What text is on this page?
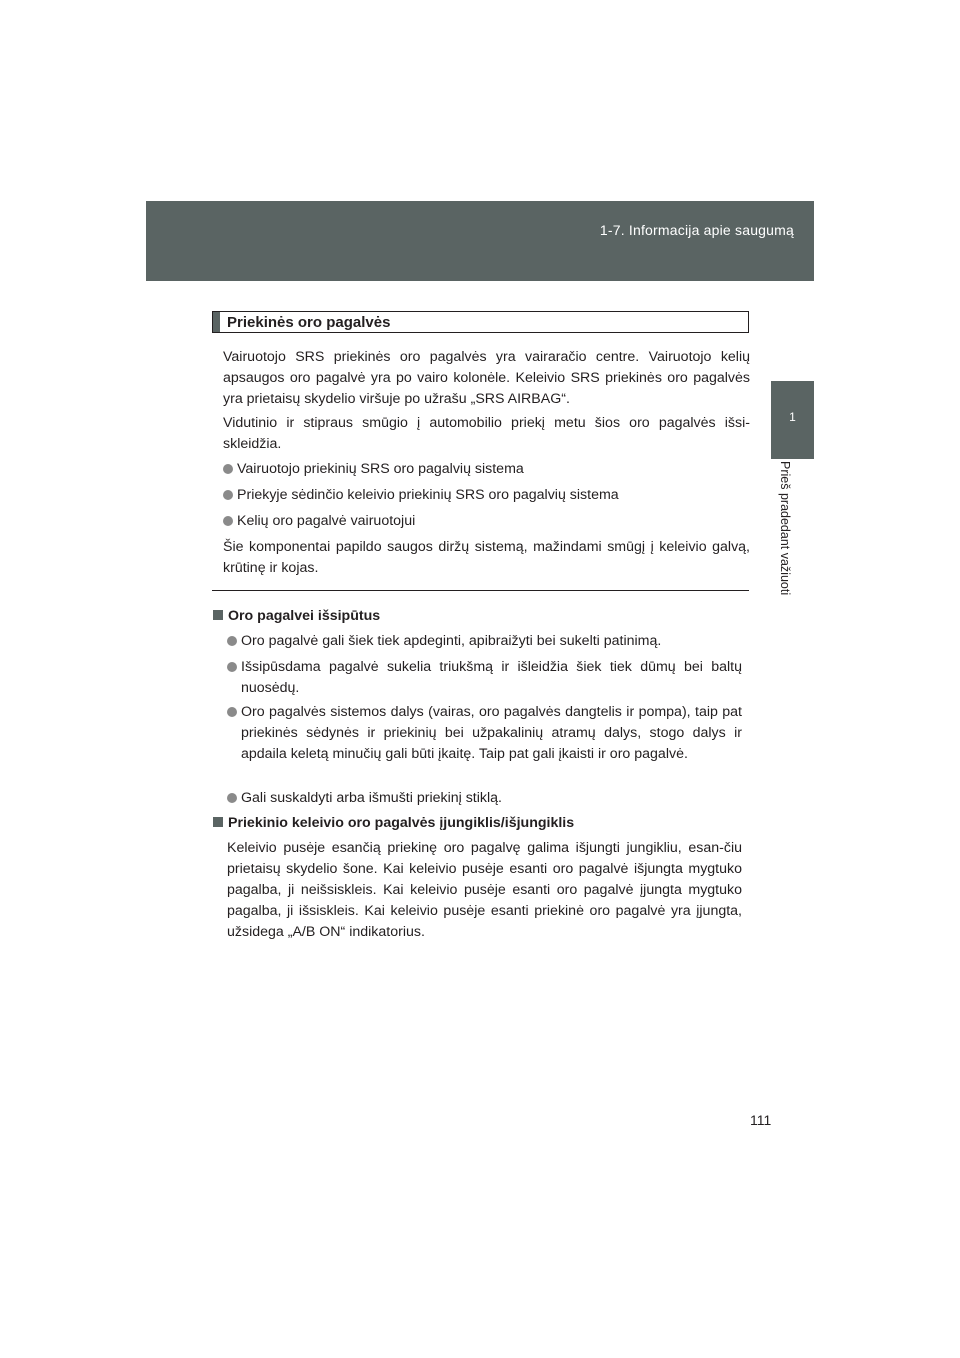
1-7. Informacija apie saugumą
1
Prieš pradedant važiuoti
Priekinės oro pagalvės

Vairuotojo SRS priekinės oro pagalvės yra vairaračio centre. Vairuotojo kelių apsaugos oro pagalvė yra po vairo kolonėle. Keleivio SRS priekinės oro pagalvės yra prietaisų skydelio viršuje po užrašu „SRS AIRBAG“.

Vidutinio ir stipraus smūgio į automobilio priekį metu šios oro pagalvės išsi-skleidžia.

Vairuotojo priekinių SRS oro pagalvių sistema
Priekyje sėdinčio keleivio priekinių SRS oro pagalvių sistema
Kelių oro pagalvė vairuotojui

Šie komponentai papildo saugos diržų sistemą, mažindami smūgį į keleivio galvą, krūtinę ir kojas.

Oro pagalvei išsipūtus
Oro pagalvė gali šiek tiek apdeginti, apibraižyti bei sukelti patinimą.

Išsipūsdama pagalvė sukelia triukšmą ir išleidžia šiek tiek dūmų bei baltų nuosėdų.

Oro pagalvės sistemos dalys (vairas, oro pagalvės dangtelis ir pompa), taip pat priekinės sėdynės ir priekinių bei užpakalinių atramų dalys, stogo dalys ir apdaila keletą minučių gali būti įkaitę. Taip pat gali įkaisti ir oro pagalvė.

Gali suskaldyti arba išmušti priekinį stiklą.
Priekinio keleivio oro pagalvės įjungiklis/išjungiklis

Keleivio pusėje esančią priekinę oro pagalvę galima išjungti jungikliu, esan-čiu prietaisų skydelio šone. Kai keleivio pusėje esanti oro pagalvė išjungta mygtuko pagalba, ji neišsiskleis. Kai keleivio pusėje esanti oro pagalvė įjungta mygtuko pagalba, ji išsiskleis. Kai keleivio pusėje esanti priekinė oro pagalvė yra įjungta, užsidega „A/B ON“ indikatorius.

111
